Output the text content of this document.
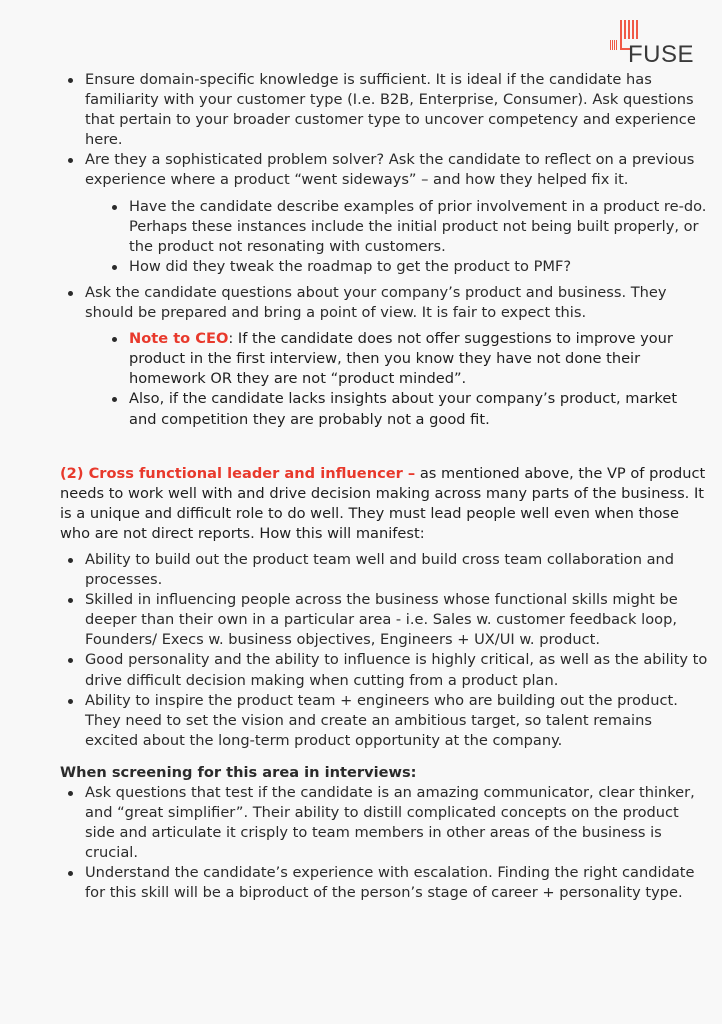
FUSE
Ensure domain-specific knowledge is sufficient. It is ideal if the candidate has familiarity with your customer type (I.e. B2B, Enterprise, Consumer). Ask questions that pertain to your broader customer type to uncover competency and experience here.
Are they a sophisticated problem solver? Ask the candidate to reflect on a previous experience where a product “went sideways” – and how they helped fix it.
Have the candidate describe examples of prior involvement in a product re-do. Perhaps these instances include the initial product not being built properly, or the product not resonating with customers.
How did they tweak the roadmap to get the product to PMF?
Ask the candidate questions about your company’s product and business. They should be prepared and bring a point of view. It is fair to expect this.
Note to CEO: If the candidate does not offer suggestions to improve your product in the first interview, then you know they have not done their homework OR they are not “product minded”.
Also, if the candidate lacks insights about your company’s product, market and competition they are probably not a good fit.

(2) Cross functional leader and influencer – as mentioned above, the VP of product needs to work well with and drive decision making across many parts of the business. It is a unique and difficult role to do well. They must lead people well even when those who are not direct reports. How this will manifest:

Ability to build out the product team well and build cross team collaboration and processes.
Skilled in influencing people across the business whose functional skills might be deeper than their own in a particular area - i.e. Sales w. customer feedback loop, Founders/ Execs w. business objectives, Engineers + UX/UI w. product.
Good personality and the ability to influence is highly critical, as well as the ability to drive difficult decision making when cutting from a product plan.
Ability to inspire the product team + engineers who are building out the product. They need to set the vision and create an ambitious target, so talent remains excited about the long-term product opportunity at the company.
When screening for this area in interviews:
Ask questions that test if the candidate is an amazing communicator, clear thinker, and “great simplifier”. Their ability to distill complicated concepts on the product side and articulate it crisply to team members in other areas of the business is crucial.
Understand the candidate’s experience with escalation. Finding the right candidate for this skill will be a biproduct of the person’s stage of career + personality type.
